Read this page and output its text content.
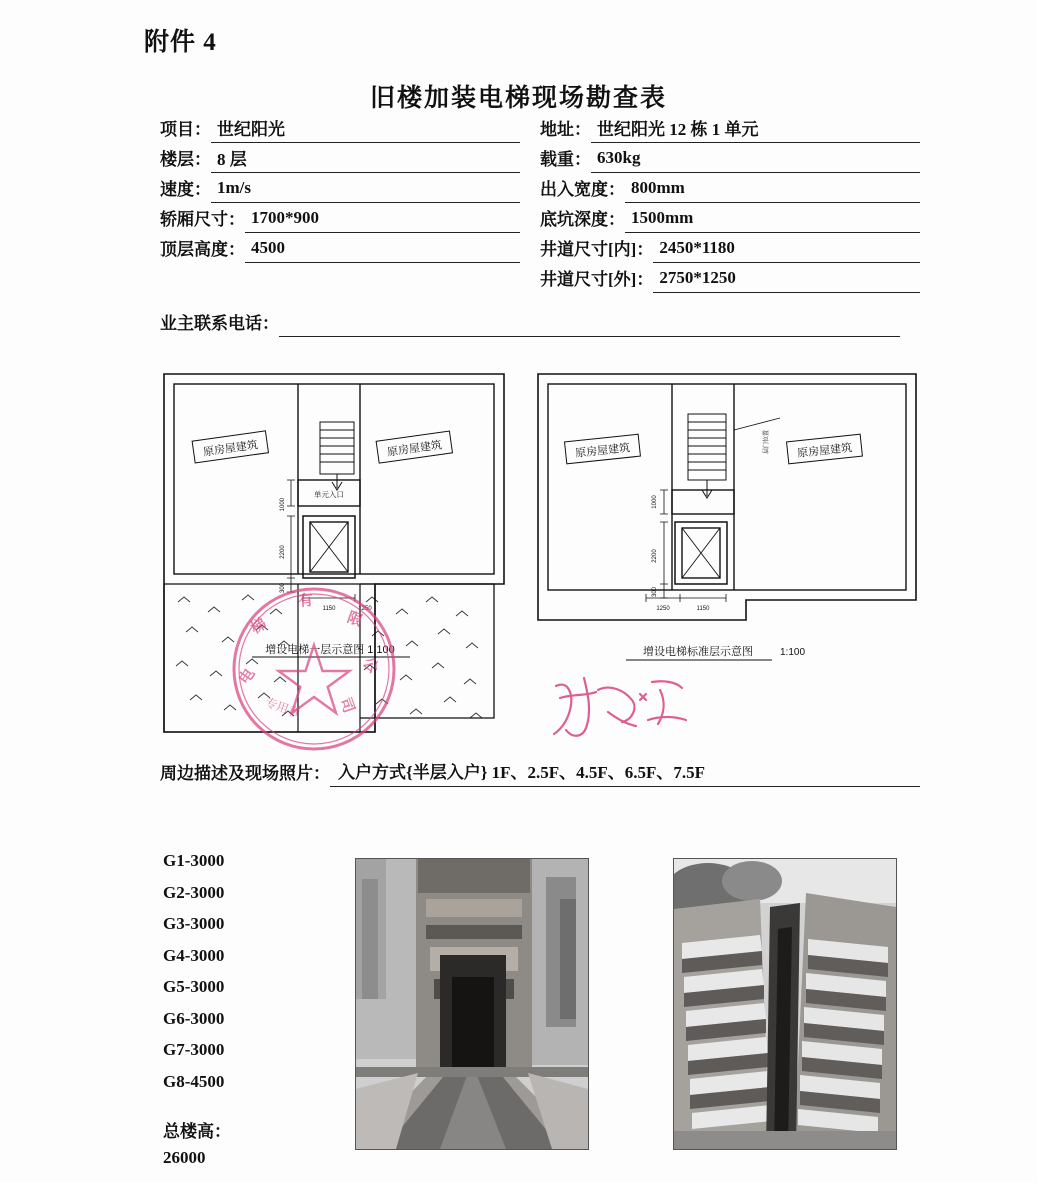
附件 4
旧楼加装电梯现场勘查表
项目： 世纪阳光	地址： 世纪阳光 12 栋 1 单元
楼层： 8 层	载重： 630kg
速度： 1m/s	出入宽度： 800mm
轿厢尺寸： 1700*900	底坑深度： 1500mm
顶层高度： 4500	井道尺寸[内]： 2450*1180
井道尺寸[外]： 2750*1250
业主联系电话：
原房屋建筑	原房屋建筑
单元入口
1000
2200
300
1150	1250
原房屋建筑	原房屋建筑
层门位置
1000
2200
300
1250	1150
增设电梯一层示意图 1:100	增设电梯标准层示意图	1:100
电
梯
有
限
公
司
专用章
周边描述及现场照片： 入户方式{半层入户} 1F、2.5F、4.5F、6.5F、7.5F
G1-3000
G2-3000
G3-3000
G4-3000
G5-3000
G6-3000
G7-3000
G8-4500
总楼高：
26000
